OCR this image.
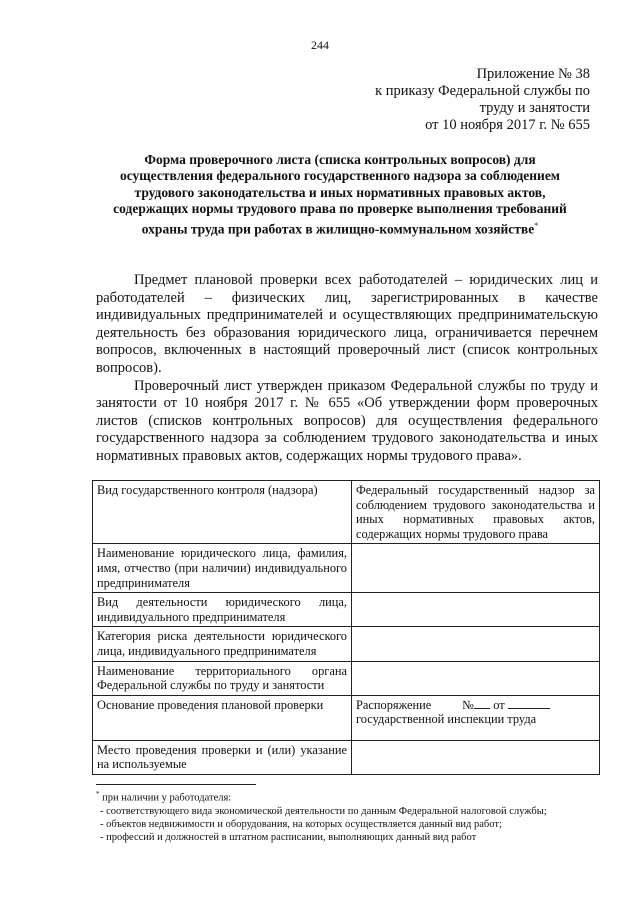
244
Приложение № 38
к приказу Федеральной службы по
труду и занятости
от 10 ноября 2017 г. № 655
Форма проверочного листа (списка контрольных вопросов) для осуществления федерального государственного надзора за соблюдением трудового законодательства и иных нормативных правовых актов, содержащих нормы трудового права по проверке выполнения требований охраны труда при работах в жилищно-коммунальном хозяйстве*

Предмет плановой проверки всех работодателей – юридических лиц и работодателей – физических лиц, зарегистрированных в качестве индивидуальных предпринимателей и осуществляющих предпринимательскую деятельность без образования юридического лица, ограничивается перечнем вопросов, включенных в настоящий проверочный лист (список контрольных вопросов).

Проверочный лист утвержден приказом Федеральной службы по труду и занятости от 10 ноября 2017 г. № 655 «Об утверждении форм проверочных листов (списков контрольных вопросов) для осуществления федерального государственного надзора за соблюдением трудового законодательства и иных нормативных правовых актов, содержащих нормы трудового права».

Вид государственного контроля (надзора)	Федеральный государственный надзор за соблюдением трудового законодательства и иных нормативных правовых актов, содержащих нормы трудового права
Наименование юридического лица, фамилия, имя, отчество (при наличии) индивидуального предпринимателя	
Вид деятельности юридического лица, индивидуального предпринимателя	
Категория риска деятельности юридического лица, индивидуального предпринимателя	
Наименование территориального органа Федеральной службы по труду и занятости	
Основание проведения плановой проверки	Распоряжение № от
государственной инспекции труда
Место проведения проверки и (или) указание на используемые	
* при наличии у работодателя:
- соответствующего вида экономической деятельности по данным Федеральной налоговой службы;
- объектов недвижимости и оборудования, на которых осуществляется данный вид работ;
- профессий и должностей в штатном расписании, выполняющих данный вид работ
